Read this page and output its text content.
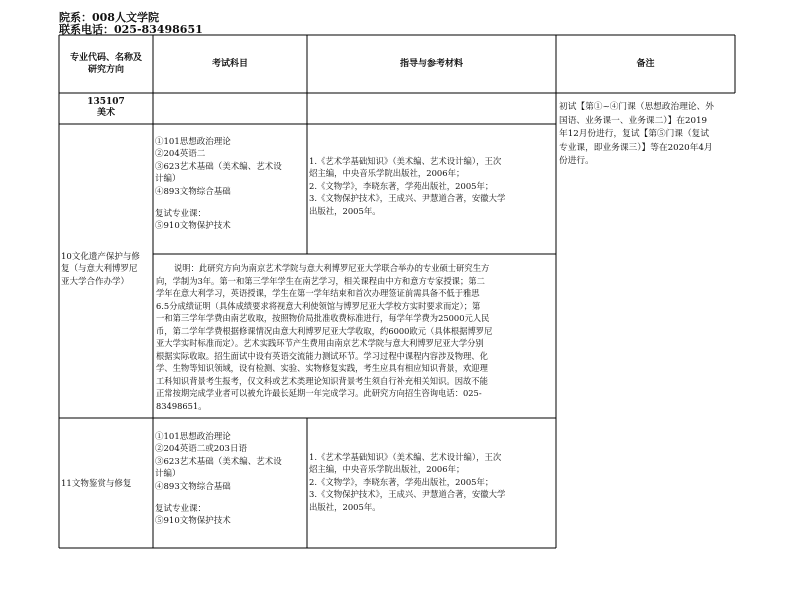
院系：008人文学院
联系电话：025-83498651
专业代码、名称及
研究方向
考试科目	指导与参考材料	备注
135107
美术
初试【第①~④门课（思想政治理论、外
国语、业务课一、业务课二）】在2019
年12月份进行，复试【第⑤门课（复试
专业课，即业务课三）】等在2020年4月
份进行。
10文化遗产保护与修
复（与意大利博罗尼
亚大学合作办学）
①101思想政治理论
②204英语二
③623艺术基础（美术编、艺术设
计编）
④893文物综合基础
复试专业课：
⑤910文物保护技术
1.《艺术学基础知识》（美术编、艺术设计编），王次
炤主编，中央音乐学院出版社，2006年；
2.《文物学》，李晓东著，学苑出版社，2005年；
3.《文物保护技术》，王成兴、尹慧道合著，安徽大学
出版社，2005年。
说明：此研究方向为南京艺术学院与意大利博罗尼亚大学联合举办的专业硕士研究生方
向，学制为3年。第一和第三学年学生在南艺学习，相关课程由中方和意方专家授课；第二
学年在意大利学习，英语授课，学生在第一学年结束和首次办理签证前需具备不低于雅思
6.5分成绩证明（具体成绩要求将视意大利使领馆与博罗尼亚大学校方实时要求而定）；第
一和第三学年学费由南艺收取，按照物价局批准收费标准进行，每学年学费为25000元人民
币，第二学年学费根据修课情况由意大利博罗尼亚大学收取，约6000欧元（具体根据博罗尼
亚大学实时标准而定）。艺术实践环节产生费用由南京艺术学院与意大利博罗尼亚大学分别
根据实际收取。招生面试中设有英语交流能力测试环节。学习过程中课程内容涉及物理、化
学、生物等知识领域，设有检测、实验、实物修复实践，考生应具有相应知识背景，欢迎理
工科知识背景考生报考，仅文科或艺术类理论知识背景考生须自行补充相关知识。因故不能
正常按期完成学业者可以被允许最长延期一年完成学习。此研究方向招生咨询电话：025-
83498651。
11文物鉴赏与修复
①101思想政治理论
②204英语二或203日语
③623艺术基础（美术编、艺术设
计编）
④893文物综合基础
复试专业课：
⑤910文物保护技术
1.《艺术学基础知识》（美术编、艺术设计编），王次
炤主编，中央音乐学院出版社，2006年；
2.《文物学》，李晓东著，学苑出版社，2005年；
3.《文物保护技术》，王成兴、尹慧道合著，安徽大学
出版社，2005年。
